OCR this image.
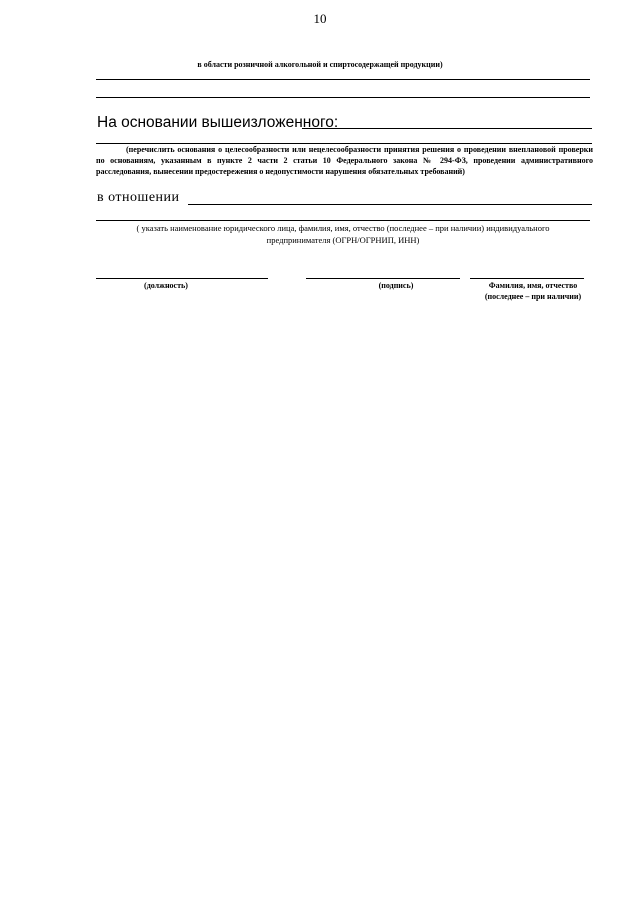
10
в области розничной алкогольной и спиртосодержащей продукции)
На основании вышеизложенного:
(перечислить основания о целесообразности или нецелесообразности принятия решения о проведении внеплановой проверки по основаниям, указанным в пункте 2 части 2 статьи 10 Федерального закона № 294-ФЗ, проведении административного расследования, вынесении предостережения о недопустимости нарушения обязательных требований)
в отношении
( указать наименование юридического лица, фамилия, имя, отчество (последнее – при наличии) индивидуального
предпринимателя (ОГРН/ОГРНИП, ИНН)
(должность)	(подпись)	Фамилия, имя, отчество
(последнее – при наличии)
